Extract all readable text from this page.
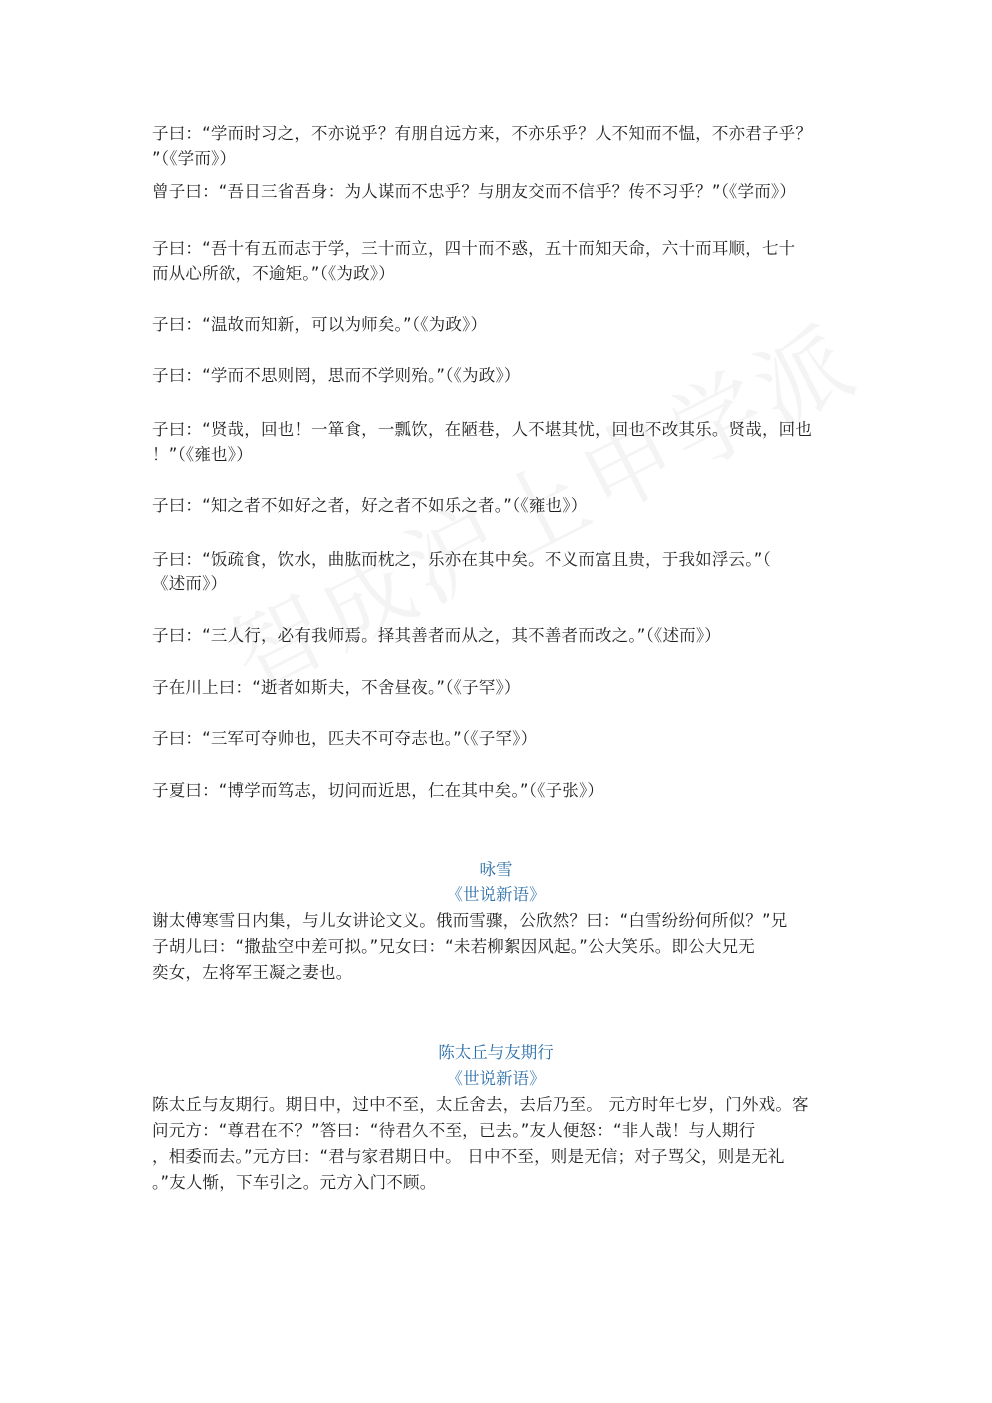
子曰：“学而时习之，不亦说乎？有朋自远方来，不亦乐乎？人不知而不愠，不亦君子乎？
”（《学而》）
曾子曰：“吾日三省吾身：为人谋而不忠乎？与朋友交而不信乎？传不习乎？”（《学而》）
子曰：“吾十有五而志于学，三十而立，四十而不惑，五十而知天命，六十而耳顺，七十
而从心所欲，不逾矩。”（《为政》）
子曰：“温故而知新，可以为师矣。”（《为政》）
子曰：“学而不思则罔，思而不学则殆。”（《为政》）
子曰：“贤哉，回也！一箪食，一瓢饮，在陋巷，人不堪其忧，回也不改其乐。贤哉，回也
！”（《雍也》）
子曰：“知之者不如好之者，好之者不如乐之者。”（《雍也》）
子曰：“饭疏食，饮水，曲肱而枕之，乐亦在其中矣。不义而富且贵，于我如浮云。”（
《述而》）
子曰：“三人行，必有我师焉。择其善者而从之，其不善者而改之。”（《述而》）
子在川上曰：“逝者如斯夫，不舍昼夜。”（《子罕》）
子曰：“三军可夺帅也，匹夫不可夺志也。”（《子罕》）
子夏曰：“博学而笃志，切问而近思，仁在其中矣。”（《子张》）
咏雪
《世说新语》
谢太傅寒雪日内集，与儿女讲论文义。俄而雪骤，公欣然？曰：“白雪纷纷何所似？”兄
子胡儿曰：“撒盐空中差可拟。”兄女曰：“未若柳絮因风起。”公大笑乐。即公大兄无
奕女，左将军王凝之妻也。
陈太丘与友期行
《世说新语》
陈太丘与友期行。期日中，过中不至，太丘舍去，去后乃至。 元方时年七岁，门外戏。客
问元方：“尊君在不？”答曰：“待君久不至，已去。”友人便怒：“非人哉！与人期行
，相委而去。”元方曰：“君与家君期日中。 日中不至，则是无信；对子骂父，则是无礼
。”友人惭，下车引之。元方入门不顾。
